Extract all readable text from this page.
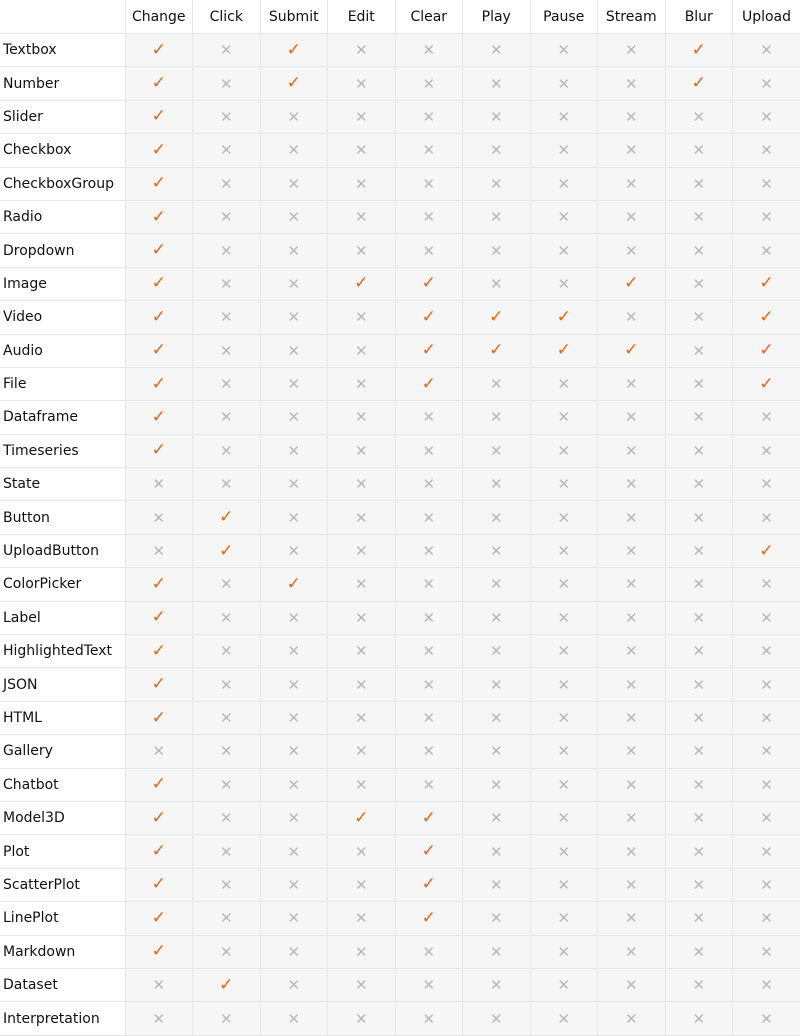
	Change	Click	Submit	Edit	Clear	Play	Pause	Stream	Blur	Upload
Textbox	✓	✕	✓	✕	✕	✕	✕	✕	✓	✕
Number	✓	✕	✓	✕	✕	✕	✕	✕	✓	✕
Slider	✓	✕	✕	✕	✕	✕	✕	✕	✕	✕
Checkbox	✓	✕	✕	✕	✕	✕	✕	✕	✕	✕
CheckboxGroup	✓	✕	✕	✕	✕	✕	✕	✕	✕	✕
Radio	✓	✕	✕	✕	✕	✕	✕	✕	✕	✕
Dropdown	✓	✕	✕	✕	✕	✕	✕	✕	✕	✕
Image	✓	✕	✕	✓	✓	✕	✕	✓	✕	✓
Video	✓	✕	✕	✕	✓	✓	✓	✕	✕	✓
Audio	✓	✕	✕	✕	✓	✓	✓	✓	✕	✓
File	✓	✕	✕	✕	✓	✕	✕	✕	✕	✓
Dataframe	✓	✕	✕	✕	✕	✕	✕	✕	✕	✕
Timeseries	✓	✕	✕	✕	✕	✕	✕	✕	✕	✕
State	✕	✕	✕	✕	✕	✕	✕	✕	✕	✕
Button	✕	✓	✕	✕	✕	✕	✕	✕	✕	✕
UploadButton	✕	✓	✕	✕	✕	✕	✕	✕	✕	✓
ColorPicker	✓	✕	✓	✕	✕	✕	✕	✕	✕	✕
Label	✓	✕	✕	✕	✕	✕	✕	✕	✕	✕
HighlightedText	✓	✕	✕	✕	✕	✕	✕	✕	✕	✕
JSON	✓	✕	✕	✕	✕	✕	✕	✕	✕	✕
HTML	✓	✕	✕	✕	✕	✕	✕	✕	✕	✕
Gallery	✕	✕	✕	✕	✕	✕	✕	✕	✕	✕
Chatbot	✓	✕	✕	✕	✕	✕	✕	✕	✕	✕
Model3D	✓	✕	✕	✓	✓	✕	✕	✕	✕	✕
Plot	✓	✕	✕	✕	✓	✕	✕	✕	✕	✕
ScatterPlot	✓	✕	✕	✕	✓	✕	✕	✕	✕	✕
LinePlot	✓	✕	✕	✕	✓	✕	✕	✕	✕	✕
Markdown	✓	✕	✕	✕	✕	✕	✕	✕	✕	✕
Dataset	✕	✓	✕	✕	✕	✕	✕	✕	✕	✕
Interpretation	✕	✕	✕	✕	✕	✕	✕	✕	✕	✕
